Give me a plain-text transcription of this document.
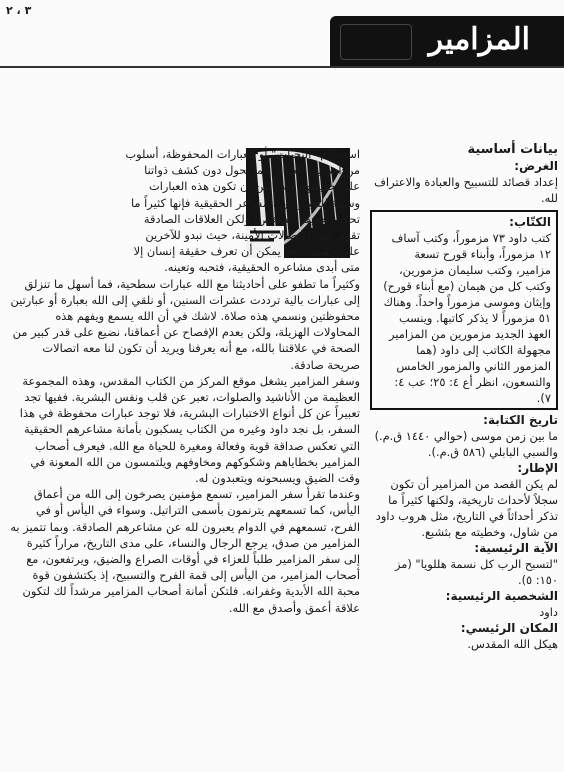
٣ ، ٢
المزامير

استخدام "التحيات" أو العبارات المحفوظة، أسلوب من أساليب الحياة، مما يحول دون كشف ذواتنا على حقيقتها، فبدلاً من أن تكون هذه العبارات وسيلة للتعبير عن المشاعر الحقيقية فإنها كثيراً ما تحجب حقيقة الشخص. ولكن العلاقات الصادقة تقوم على الاتصالات الأمينة، حيث نبدو للآخرين على حقيقتنا. فلا يمكن أن تعرف حقيقة إنسان إلا متى أبدى مشاعره الحقيقية، فتحبه وتعينه.

وكثيراً ما تطفو على أحاديثنا مع الله عبارات سطحية، فما أسهل ما تنزلق إلى عبارات بالية ترددت عشرات السنين، أو نلقي إلى الله بعبارة أو عبارتين محفوظتين ونسمي هذه صلاة. لاشك في أن الله يسمع ويفهم هذه المحاولات الهزيلة، ولكن بعدم الإفصاح عن أعماقنا، نضيع على قدر كبير من الصحة في علاقتنا بالله، مع أنه يعرفنا ويريد أن تكون لنا معه اتصالات صريحة صادقة.

وسفر المزامير يشغل موقع المركز من الكتاب المقدس، وهذه المجموعة العظيمة من الأناشيد والصلوات، تعبر عن قلب ونفس البشرية. ففيها تجد تعبيراً عن كل أنواع الاختبارات البشرية، فلا توجد عبارات محفوظة في هذا السفر، بل نجد داود وغيره من الكتاب يسكبون بأمانة مشاعرهم الحقيقية التي تعكس صداقة قوية وفعالة ومغيرة للحياة مع الله. فيعرف أصحاب المزامير بخطاياهم وشكوكهم ومخاوفهم ويلتمسون من الله المعونة في وقت الضيق ويسبحونه ويتعبدون له.

وعندما تقرأ سفر المزامير، تسمع مؤمنين يصرخون إلى الله من أعماق اليأس، كما تسمعهم يترنمون بأسمى التراتيل. وسواء في اليأس أو في الفرح، تسمعهم في الدوام يعبرون لله عن مشاعرهم الصادقة. وبما تتميز به المزامير من صدق، يرجع الرجال والنساء، على مدى التاريخ، مراراً كثيرة إلى سفر المزامير طلباً للعزاء في أوقات الصراع والضيق، ويرتفعون، مع أصحاب المزامير، من اليأس إلى قمة الفرح والتسبيح، إذ يكتشفون قوة محبة الله الأبدية وغفرانه. فلتكن أمانة أصحاب المزامير مرشداً لك لتكون علاقة أعمق وأصدق مع الله.

بيانات أساسية

الغرض:

إعداد قصائد للتسبيح والعبادة والاعتراف لله.

الكتّاب:

كتب داود ٧٣ مزموراً، وكتب آساف ١٢ مزموراً، وأبناء قورح تسعة مزامير، وكتب سليمان مزمورين، وكتب كل من هيمان (مع أبناء قورح) وإيثان وموسى مزموراً واحداً. وهناك ٥١ مزموراً لا يذكر كاتبها. وينسب العهد الجديد مزمورين من المزامير مجهولة الكاتب إلى داود (هما المزمور الثاني والمزمور الخامس والتسعون، انظر أع ٤: ٢٥؛ عب ٤: ٧).

تاريخ الكتابة:

ما بين زمن موسى (حوالي ١٤٤٠ ق.م.) والسبي البابلي (٥٨٦ ق.م.).

الإطار:

لم يكن القصد من المزامير أن تكون سجلاً لأحداث تاريخية، ولكنها كثيراً ما تذكر أحداثاً في التاريخ، مثل هروب داود من شاول، وخطيته مع بثشبع.

الآية الرئيسية:

"لتسبح الرب كل نسمة هللويا" (مز ١٥٠: ٥).

الشخصية الرئيسية:

داود

المكان الرئيسي:

هيكل الله المقدس.
